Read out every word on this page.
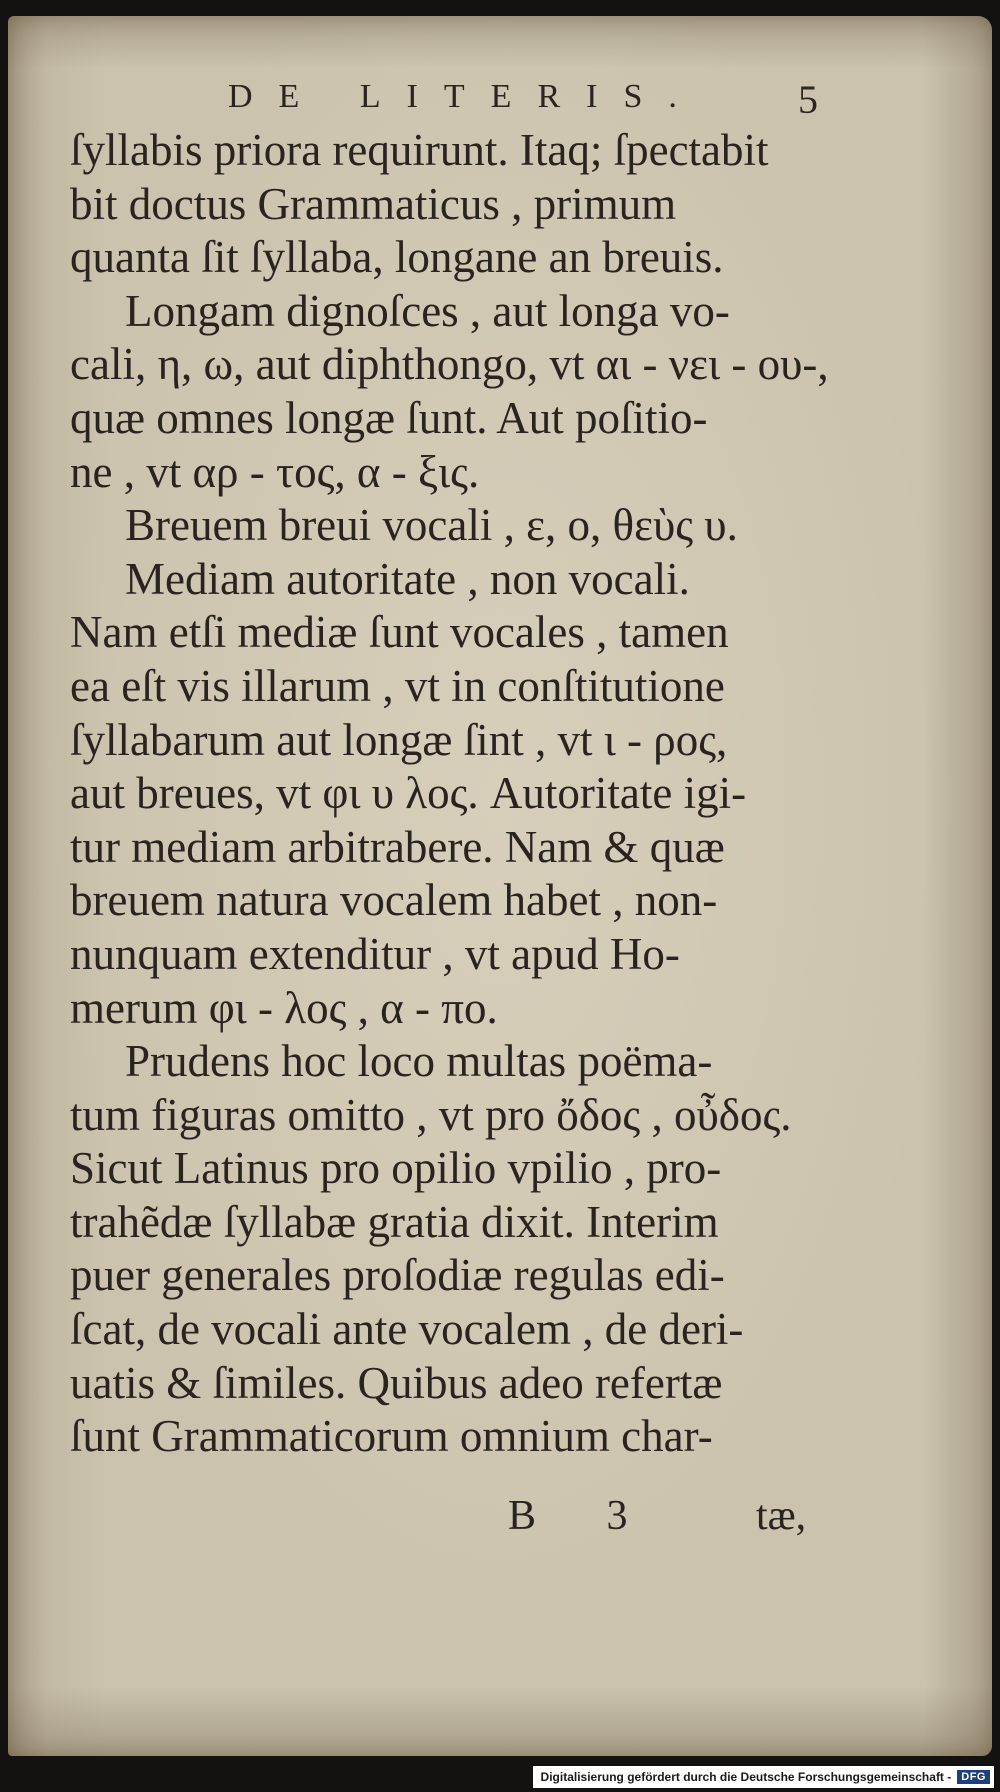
DE LITERIS. 5
ſyllabis priora requirunt. Itaq; ſpectabit
bit doctus Grammaticus , primum
quanta ſit ſyllaba, longane an breuis.
Longam dignoſces , aut longa vo-
cali, η, ω, aut diphthongo, vt αι - νει - ου-,
quæ omnes longæ ſunt. Aut poſitio-
ne , vt αρ - τος, α - ξις.
Breuem breui vocali , ε, ο, θεὺς υ.
Mediam autoritate , non vocali.
Nam etſi mediæ ſunt vocales , tamen
ea eſt vis illarum , vt in conſtitutione
ſyllabarum aut longæ ſint , vt ι - ρος,
aut breues, vt φι υ λος. Autoritate igi-
tur mediam arbitrabere. Nam & quæ
breuem natura vocalem habet , non-
nunquam extenditur , vt apud Ho-
merum φι - λος , α - πο.
Prudens hoc loco multas poëma-
tum figuras omitto , vt pro ὄδος , οὖδος.
Sicut Latinus pro opilio vpilio , pro-
trahẽdæ ſyllabæ gratia dixit. Interim
puer generales proſodiæ regulas edi-
ſcat, de vocali ante vocalem , de deri-
uatis & ſimiles. Quibus adeo refertæ
ſunt Grammaticorum omnium char-
B 3 tæ,
Digitalisierung gefördert durch die Deutsche Forschungsgemeinschaft - DFG
